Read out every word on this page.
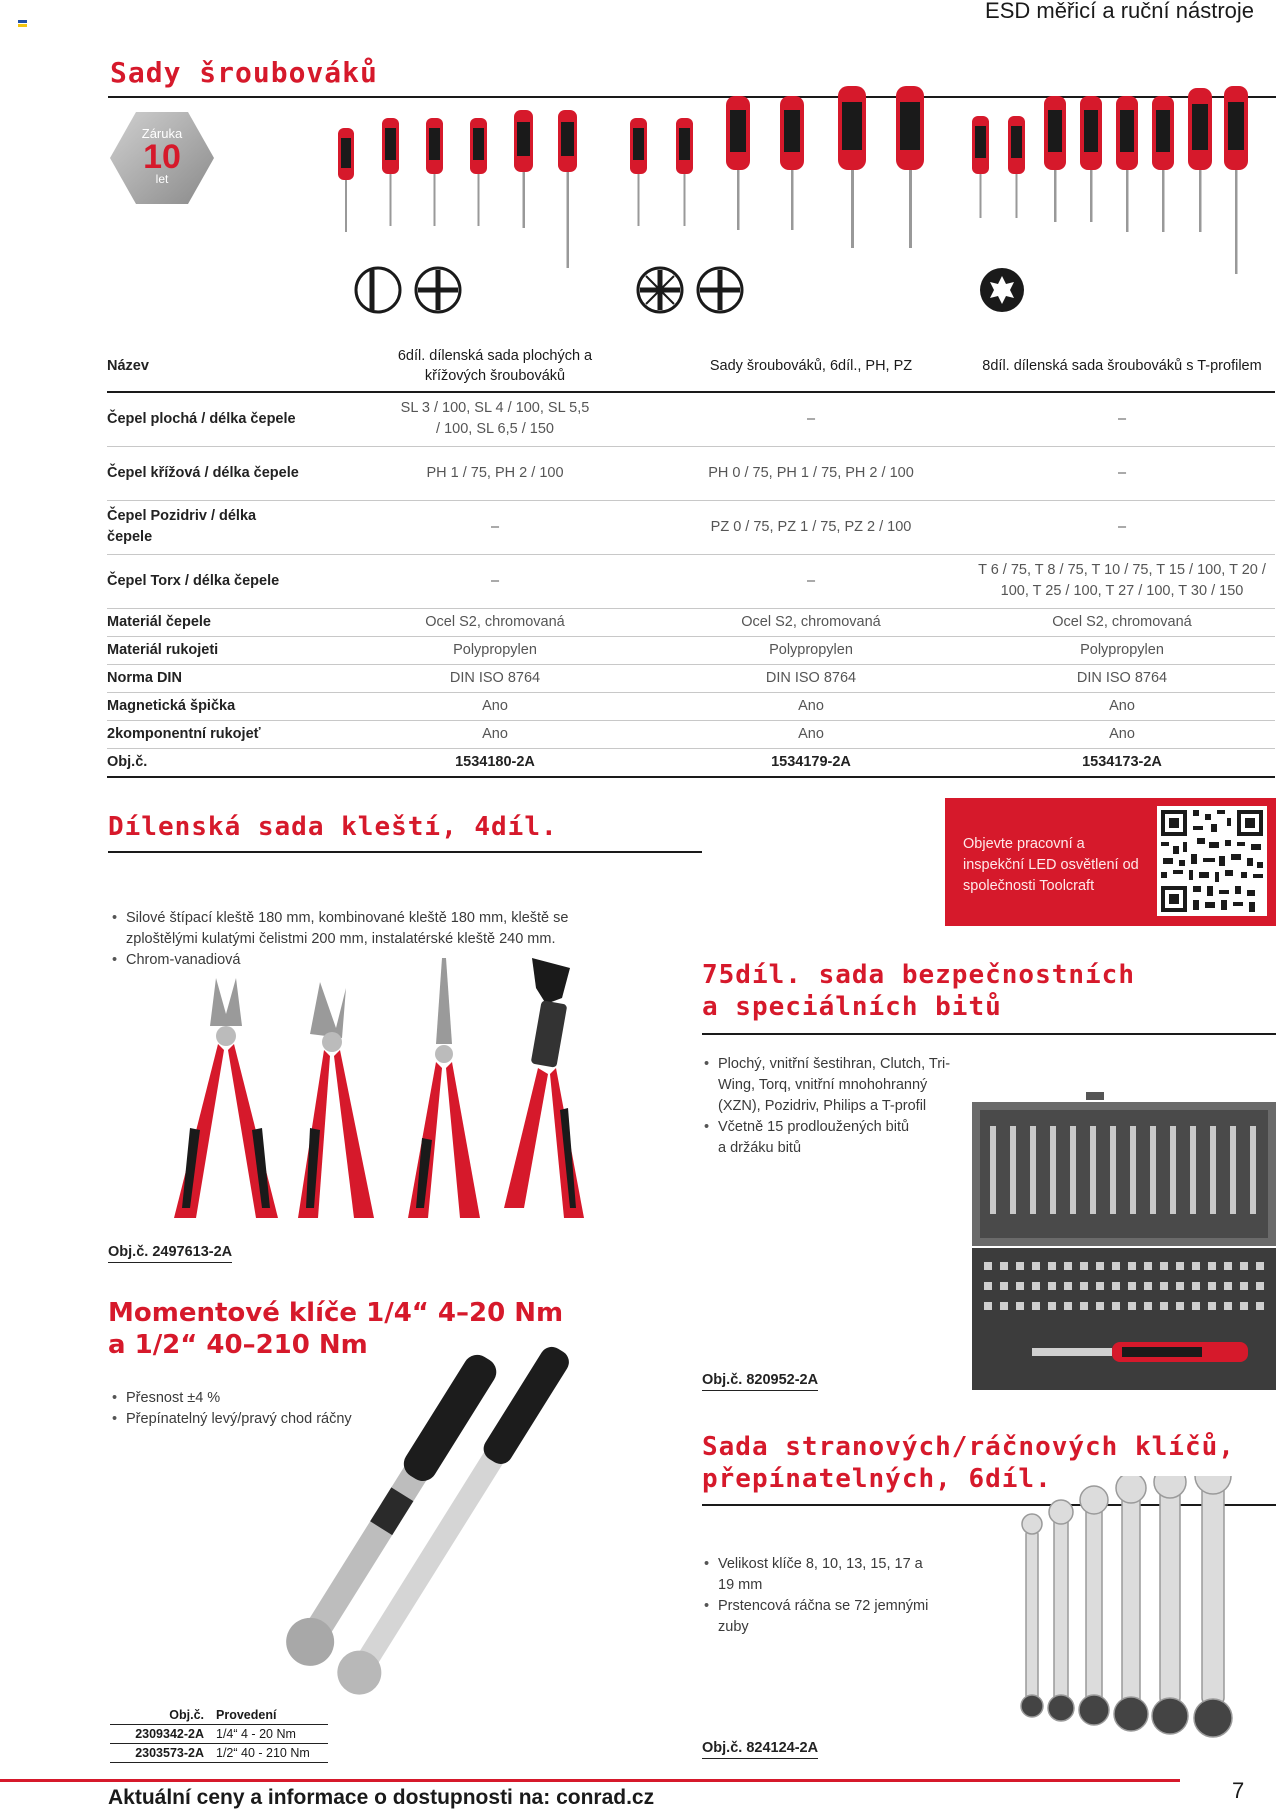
ESD měřicí a ruční nástroje
Sady šroubováků
Záruka
10
let
Název	6díl. dílenská sada plochých a křížových šroubováků	Sady šroubováků, 6díl., PH, PZ	8díl. dílenská sada šroubováků s T-profilem
Čepel plochá / délka čepele	SL 3 / 100, SL 4 / 100, SL 5,5 / 100, SL 6,5 / 150	–	–
Čepel křížová / délka čepele	PH 1 / 75, PH 2 / 100	PH 0 / 75, PH 1 / 75, PH 2 / 100	–
Čepel Pozidriv / délka čepele	–	PZ 0 / 75, PZ 1 / 75, PZ 2 / 100	–
Čepel Torx / délka čepele	–	–	T 6 / 75, T 8 / 75, T 10 / 75, T 15 / 100, T 20 / 100, T 25 / 100, T 27 / 100, T 30 / 150
Materiál čepele	Ocel S2, chromovaná	Ocel S2, chromovaná	Ocel S2, chromovaná
Materiál rukojeti	Polypropylen	Polypropylen	Polypropylen
Norma DIN	DIN ISO 8764	DIN ISO 8764	DIN ISO 8764
Magnetická špička	Ano	Ano	Ano
2komponentní rukojeť	Ano	Ano	Ano
Obj.č.	1534180-2A	1534179-2A	1534173-2A
Dílenská sada kleští, 4díl.
• Silové štípací kleště 180 mm, kombinované kleště 180 mm, kleště se zploštělými kulatými čelistmi 200 mm, instalatérské kleště 240 mm.
• Chrom-vanadiová
Obj.č. 2497613-2A
Objevte pracovní a inspekční LED osvětlení od společnosti Toolcraft
75díl. sada bezpečnostních
a speciálních bitů
• Plochý, vnitřní šestihran, Clutch, Tri-Wing, Torq, vnitřní mnohohranný (XZN), Pozidriv, Philips a T-profil
• Včetně 15 prodloužených bitů a držáku bitů
Obj.č. 820952-2A
Momentové klíče 1/4“ 4–20 Nm
a 1/2“ 40–210 Nm
• Přesnost ±4 %
• Přepínatelný levý/pravý chod ráčny
Obj.č.	Provedení
2309342-2A	1/4“ 4 - 20 Nm
2303573-2A	1/2“ 40 - 210 Nm
Sada stranových/ráčnových klíčů,
přepínatelných, 6díl.
• Velikost klíče 8, 10, 13, 15, 17 a 19 mm
• Prstencová ráčna se 72 jemnými zuby
Obj.č. 824124-2A
Aktuální ceny a informace o dostupnosti na: conrad.cz	7
